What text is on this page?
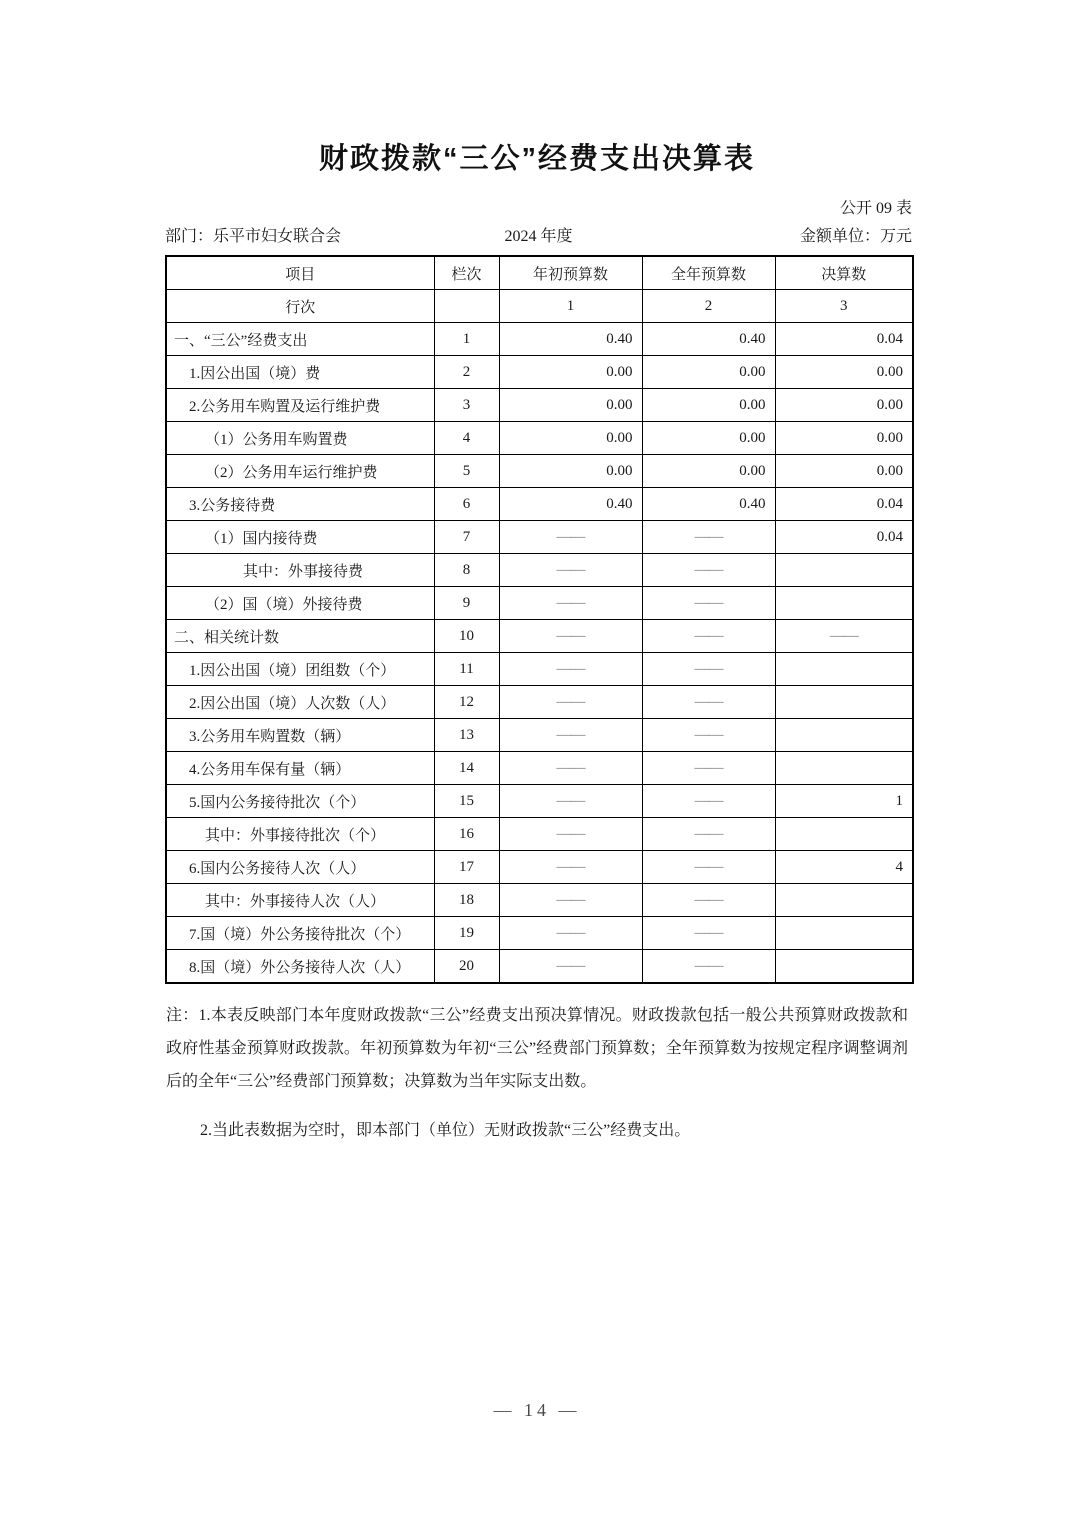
财政拨款“三公”经费支出决算表
公开 09 表
部门：乐平市妇女联合会	2024 年度	金额单位：万元
项目	栏次	年初预算数	全年预算数	决算数
行次		1	2	3
一、“三公”经费支出	1	0.40	0.40	0.04
1.因公出国（境）费	2	0.00	0.00	0.00
2.公务用车购置及运行维护费	3	0.00	0.00	0.00
（1）公务用车购置费	4	0.00	0.00	0.00
（2）公务用车运行维护费	5	0.00	0.00	0.00
3.公务接待费	6	0.40	0.40	0.04
（1）国内接待费	7	——	——	0.04
其中：外事接待费	8	——	——	
（2）国（境）外接待费	9	——	——	
二、相关统计数	10	——	——	——
1.因公出国（境）团组数（个）	11	——	——	
2.因公出国（境）人次数（人）	12	——	——	
3.公务用车购置数（辆）	13	——	——	
4.公务用车保有量（辆）	14	——	——	
5.国内公务接待批次（个）	15	——	——	1
其中：外事接待批次（个）	16	——	——	
6.国内公务接待人次（人）	17	——	——	4
其中：外事接待人次（人）	18	——	——	
7.国（境）外公务接待批次（个）	19	——	——	
8.国（境）外公务接待人次（人）	20	——	——	

注：1.本表反映部门本年度财政拨款“三公”经费支出预决算情况。财政拨款包括一般公共预算财政拨款和政府性基金预算财政拨款。年初预算数为年初“三公”经费部门预算数；全年预算数为按规定程序调整调剂后的全年“三公”经费部门预算数；决算数为当年实际支出数。

2.当此表数据为空时，即本部门（单位）无财政拨款“三公”经费支出。

— 14 —
